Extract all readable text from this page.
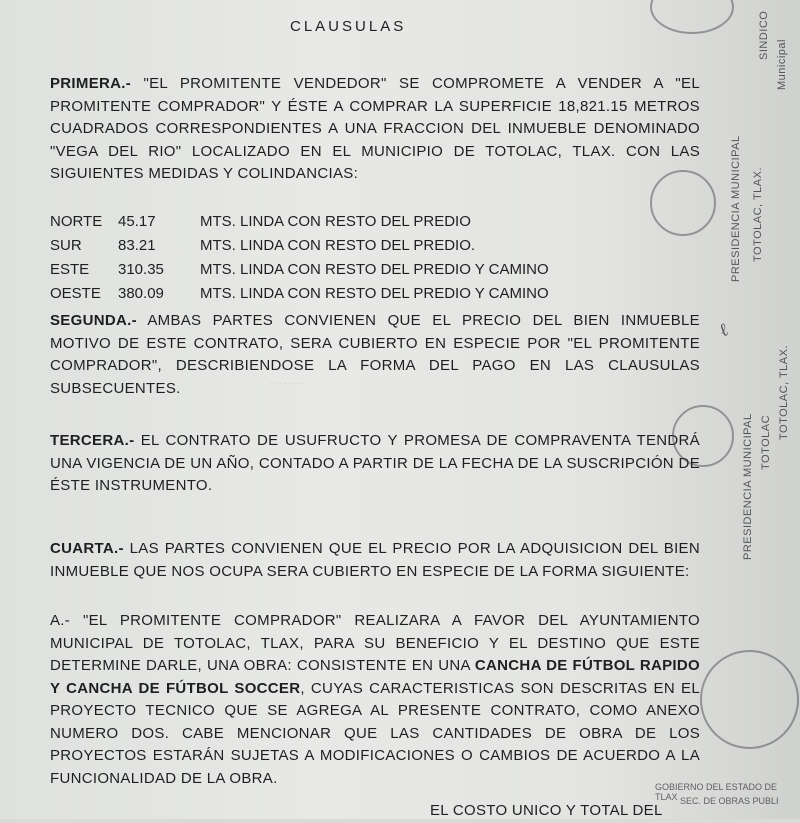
CLAUSULAS
PRIMERA.- "EL PROMITENTE VENDEDOR" SE COMPROMETE A VENDER A "EL PROMITENTE COMPRADOR" Y ÉSTE A COMPRAR LA SUPERFICIE 18,821.15 METROS CUADRADOS CORRESPONDIENTES A UNA FRACCION DEL INMUEBLE DENOMINADO "VEGA DEL RIO" LOCALIZADO EN EL MUNICIPIO DE TOTOLAC, TLAX. CON LAS SIGUIENTES MEDIDAS Y COLINDANCIAS:
NORTE	45.17	MTS. LINDA CON RESTO DEL PREDIO
SUR	83.21	MTS. LINDA CON RESTO DEL PREDIO.
ESTE	310.35	MTS. LINDA CON RESTO DEL PREDIO Y CAMINO
OESTE	380.09	MTS. LINDA CON RESTO DEL PREDIO Y CAMINO
SEGUNDA.- AMBAS PARTES CONVIENEN QUE EL PRECIO DEL BIEN INMUEBLE MOTIVO DE ESTE CONTRATO, SERA CUBIERTO EN ESPECIE POR "EL PROMITENTE COMPRADOR", DESCRIBIENDOSE LA FORMA DEL PAGO EN LAS CLAUSULAS SUBSECUENTES.
TERCERA.- EL CONTRATO DE USUFRUCTO Y PROMESA DE COMPRAVENTA TENDRÁ UNA VIGENCIA DE UN AÑO, CONTADO A PARTIR DE LA FECHA DE LA SUSCRIPCIÓN DE ÉSTE INSTRUMENTO.
CUARTA.- LAS PARTES CONVIENEN QUE EL PRECIO POR LA ADQUISICION DEL BIEN INMUEBLE QUE NOS OCUPA SERA CUBIERTO EN ESPECIE DE LA FORMA SIGUIENTE:
A.- "EL PROMITENTE COMPRADOR" REALIZARA A FAVOR DEL AYUNTAMIENTO MUNICIPAL DE TOTOLAC, TLAX, PARA SU BENEFICIO Y EL DESTINO QUE ESTE DETERMINE DARLE, UNA OBRA: CONSISTENTE EN UNA CANCHA DE FÚTBOL RAPIDO Y CANCHA DE FÚTBOL SOCCER, CUYAS CARACTERISTICAS SON DESCRITAS EN EL PROYECTO TECNICO QUE SE AGREGA AL PRESENTE CONTRATO, COMO ANEXO NUMERO DOS. CABE MENCIONAR QUE LAS CANTIDADES DE OBRA DE LOS PROYECTOS ESTARÁN SUJETAS A MODIFICACIONES O CAMBIOS DE ACUERDO A LA FUNCIONALIDAD DE LA OBRA.
EL COSTO UNICO Y TOTAL DEL
········
SINDICO
Municipal
PRESIDENCIA MUNICIPAL TOTOLAC, TLAX.
PRESIDENCIA MUNICIPAL TOTOLAC
TOTOLAC, TLAX.
ℓ
GOBIERNO DEL ESTADO DE TLAX SEC. DE OBRAS PUBLI
